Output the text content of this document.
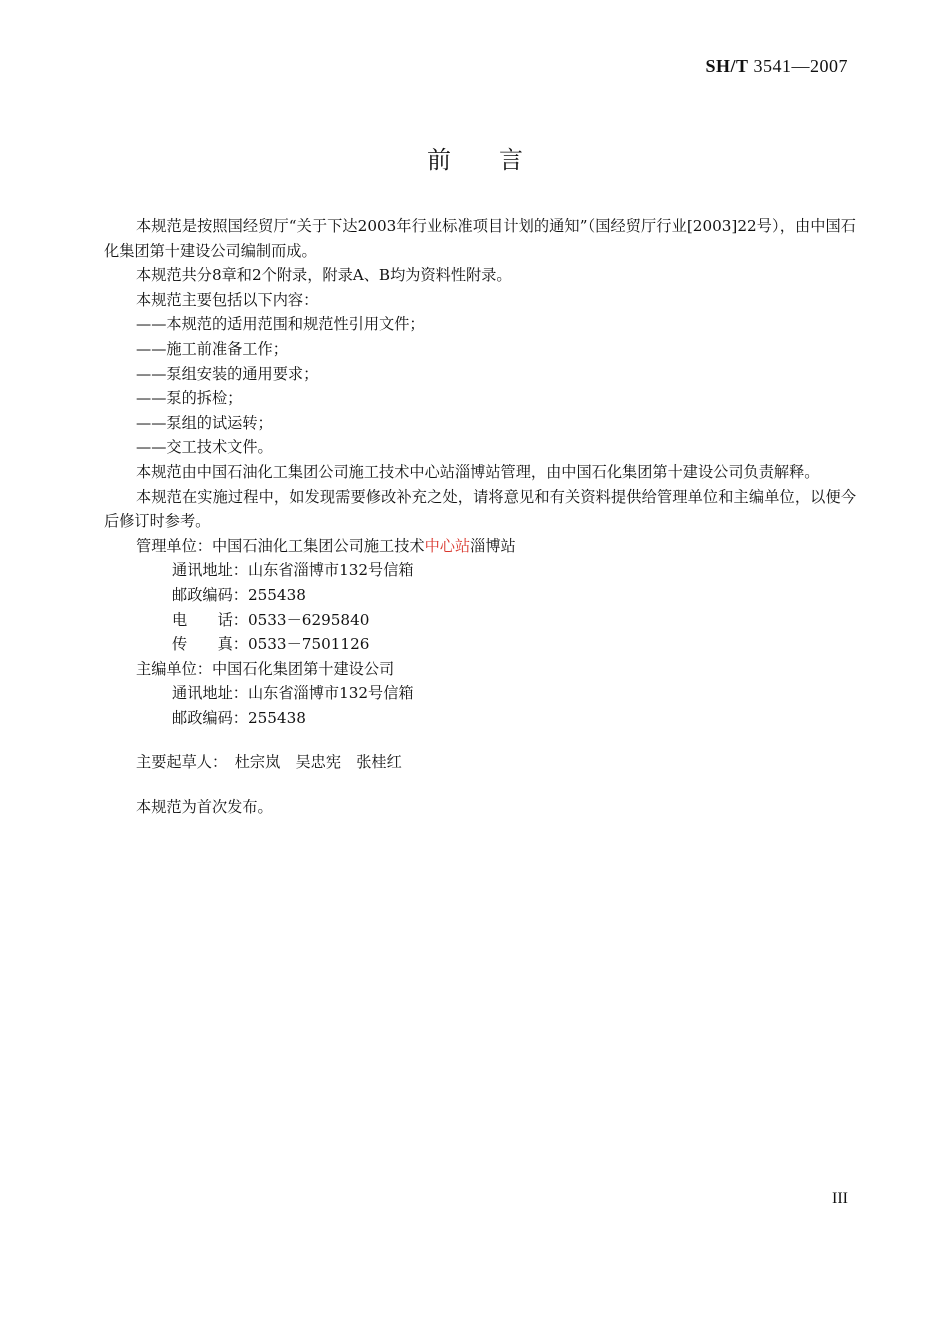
SH/T 3541—2007
前言

本规范是按照国经贸厅“关于下达2003年行业标准项目计划的通知”（国经贸厅行业[2003]22号），由中国石化集团第十建设公司编制而成。

本规范共分8章和2个附录，附录A、B均为资料性附录。

本规范主要包括以下内容：

——本规范的适用范围和规范性引用文件；

——施工前准备工作；

——泵组安装的通用要求；

——泵的拆检；

——泵组的试运转；

——交工技术文件。

本规范由中国石油化工集团公司施工技术中心站淄博站管理，由中国石化集团第十建设公司负责解释。

本规范在实施过程中，如发现需要修改补充之处，请将意见和有关资料提供给管理单位和主编单位，以便今后修订时参考。

管理单位：中国石油化工集团公司施工技术中心站淄博站

通讯地址：山东省淄博市132号信箱

邮政编码：255438

电　　话：0533－6295840

传　　真：0533－7501126

主编单位：中国石化集团第十建设公司

通讯地址：山东省淄博市132号信箱

邮政编码：255438

主要起草人：　杜宗岚　吴忠宪　张桂红

本规范为首次发布。

III
